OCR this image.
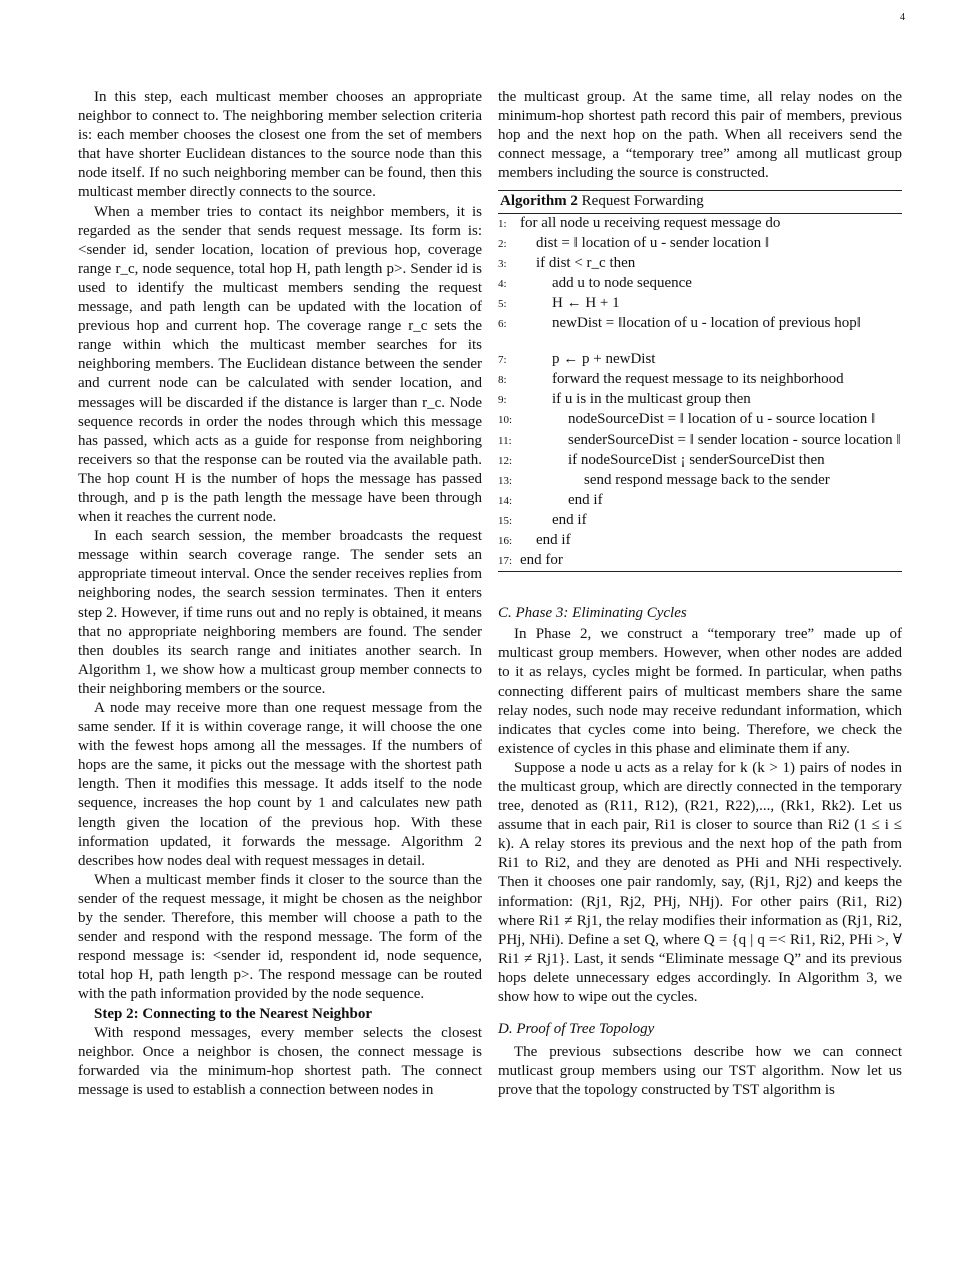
4

In this step, each multicast member chooses an appropriate neighbor to connect to. The neighboring member selection criteria is: each member chooses the closest one from the set of members that have shorter Euclidean distances to the source node than this node itself. If no such neighboring member can be found, then this multicast member directly connects to the source.

When a member tries to contact its neighbor members, it is regarded as the sender that sends request message. Its form is: <sender id, sender location, location of previous hop, coverage range r_c, node sequence, total hop H, path length p>. Sender id is used to identify the multicast members sending the request message, and path length can be updated with the location of previous hop and current hop. The coverage range r_c sets the range within which the multicast member searches for its neighboring members. The Euclidean distance between the sender and current node can be calculated with sender location, and messages will be discarded if the distance is larger than r_c. Node sequence records in order the nodes through which this message has passed, which acts as a guide for response from neighboring receivers so that the response can be routed via the available path. The hop count H is the number of hops the message has passed through, and p is the path length the message have been through when it reaches the current node.

In each search session, the member broadcasts the request message within search coverage range. The sender sets an appropriate timeout interval. Once the sender receives replies from neighboring nodes, the search session terminates. Then it enters step 2. However, if time runs out and no reply is obtained, it means that no appropriate neighboring members are found. The sender then doubles its search range and initiates another search. In Algorithm 1, we show how a multicast group member connects to their neighboring members or the source.

A node may receive more than one request message from the same sender. If it is within coverage range, it will choose the one with the fewest hops among all the messages. If the numbers of hops are the same, it picks out the message with the shortest path length. Then it modifies this message. It adds itself to the node sequence, increases the hop count by 1 and calculates new path length given the location of the previous hop. With these information updated, it forwards the message. Algorithm 2 describes how nodes deal with request messages in detail.

When a multicast member finds it closer to the source than the sender of the request message, it might be chosen as the neighbor by the sender. Therefore, this member will choose a path to the sender and respond with the respond message. The form of the respond message is: <sender id, respondent id, node sequence, total hop H, path length p>. The respond message can be routed with the path information provided by the node sequence.

Step 2: Connecting to the Nearest Neighbor

With respond messages, every member selects the closest neighbor. Once a neighbor is chosen, the connect message is forwarded via the minimum-hop shortest path. The connect message is used to establish a connection between nodes in

the multicast group. At the same time, all relay nodes on the minimum-hop shortest path record this pair of members, previous hop and the next hop on the path. When all receivers send the connect message, a “temporary tree” among all mutlicast group members including the source is constructed.

Algorithm 2 Request Forwarding
1: for all node u receiving request message do
2:	dist = ‖ location of u - sender location ‖
3:	if dist < r_c then
4:	add u to node sequence
5:	H ← H + 1
6:	newDist = ‖location of u - location of previous hop‖
7:	p ← p + newDist
8:	forward the request message to its neighborhood
9:	if u is in the multicast group then
10:	nodeSourceDist = ‖ location of u - source location ‖
11:	senderSourceDist = ‖ sender location - source location ‖
12:	if nodeSourceDist ¡ senderSourceDist then
13:	send respond message back to the sender
14:	end if
15:	end if
16:	end if
17: end for
C. Phase 3: Eliminating Cycles

In Phase 2, we construct a “temporary tree” made up of multicast group members. However, when other nodes are added to it as relays, cycles might be formed. In particular, when paths connecting different pairs of multicast members share the same relay nodes, such node may receive redundant information, which indicates that cycles come into being. Therefore, we check the existence of cycles in this phase and eliminate them if any.

Suppose a node u acts as a relay for k (k > 1) pairs of nodes in the multicast group, which are directly connected in the temporary tree, denoted as (R11, R12), (R21, R22),..., (Rk1, Rk2). Let us assume that in each pair, Ri1 is closer to source than Ri2 (1 ≤ i ≤ k). A relay stores its previous and the next hop of the path from Ri1 to Ri2, and they are denoted as PHi and NHi respectively. Then it chooses one pair randomly, say, (Rj1, Rj2) and keeps the information: (Rj1, Rj2, PHj, NHj). For other pairs (Ri1, Ri2) where Ri1 ≠ Rj1, the relay modifies their information as (Rj1, Ri2, PHj, NHi). Define a set Q, where Q = {q | q =< Ri1, Ri2, PHi >, ∀ Ri1 ≠ Rj1}. Last, it sends “Eliminate message Q” and its previous hops delete unnecessary edges accordingly. In Algorithm 3, we show how to wipe out the cycles.

D. Proof of Tree Topology

The previous subsections describe how we can connect mutlicast group members using our TST algorithm. Now let us prove that the topology constructed by TST algorithm is
